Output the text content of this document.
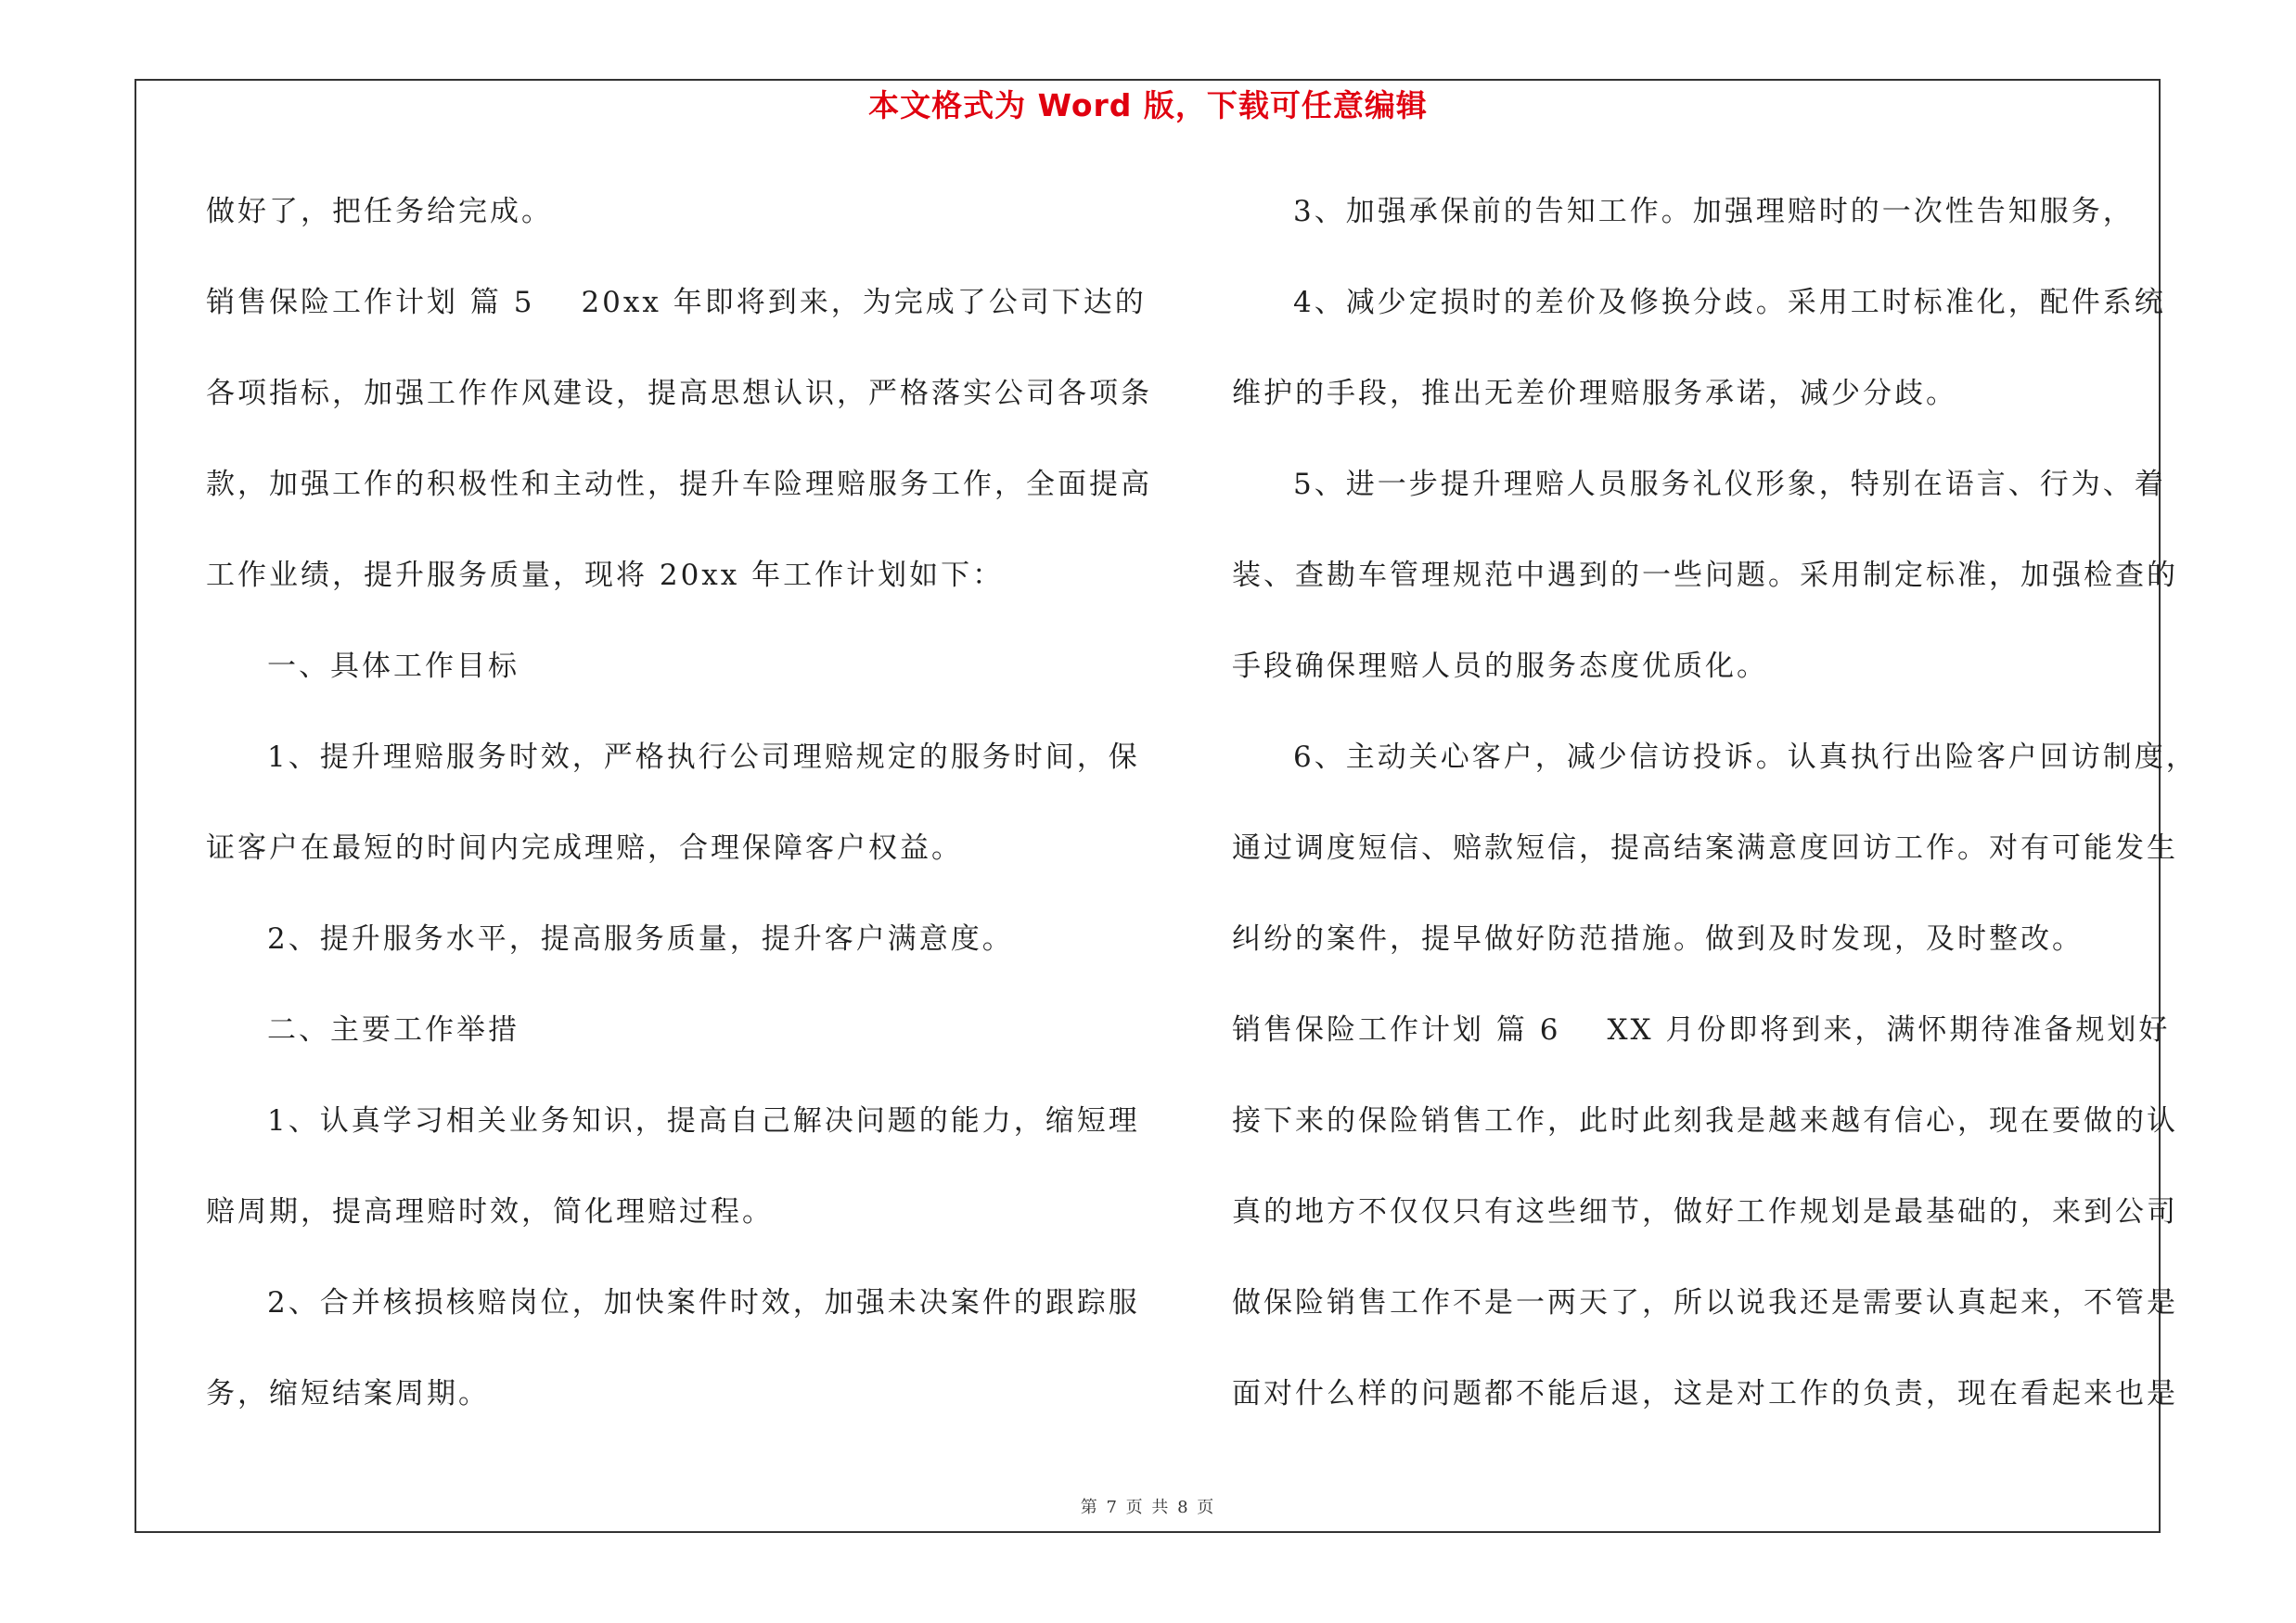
本文格式为 Word 版，下载可任意编辑
做好了，把任务给完成。
销售保险工作计划 篇 5 20xx 年即将到来，为完成了公司下达的
各项指标，加强工作作风建设，提高思想认识，严格落实公司各项条
款，加强工作的积极性和主动性，提升车险理赔服务工作，全面提高
工作业绩，提升服务质量，现将 20xx 年工作计划如下：
一、具体工作目标
1、提升理赔服务时效，严格执行公司理赔规定的服务时间，保
证客户在最短的时间内完成理赔，合理保障客户权益。
2、提升服务水平，提高服务质量，提升客户满意度。
二、主要工作举措
1、认真学习相关业务知识，提高自己解决问题的能力，缩短理
赔周期，提高理赔时效，简化理赔过程。
2、合并核损核赔岗位，加快案件时效，加强未决案件的跟踪服
务，缩短结案周期。
3、加强承保前的告知工作。加强理赔时的一次性告知服务，
4、减少定损时的差价及修换分歧。采用工时标准化，配件系统
维护的手段，推出无差价理赔服务承诺，减少分歧。
5、进一步提升理赔人员服务礼仪形象，特别在语言、行为、着
装、查勘车管理规范中遇到的一些问题。采用制定标准，加强检查的
手段确保理赔人员的服务态度优质化。
6、主动关心客户，减少信访投诉。认真执行出险客户回访制度，
通过调度短信、赔款短信，提高结案满意度回访工作。对有可能发生
纠纷的案件，提早做好防范措施。做到及时发现，及时整改。
销售保险工作计划 篇 6 XX 月份即将到来，满怀期待准备规划好
接下来的保险销售工作，此时此刻我是越来越有信心，现在要做的认
真的地方不仅仅只有这些细节，做好工作规划是最基础的，来到公司
做保险销售工作不是一两天了，所以说我还是需要认真起来，不管是
面对什么样的问题都不能后退，这是对工作的负责，现在看起来也是
第 7 页 共 8 页
